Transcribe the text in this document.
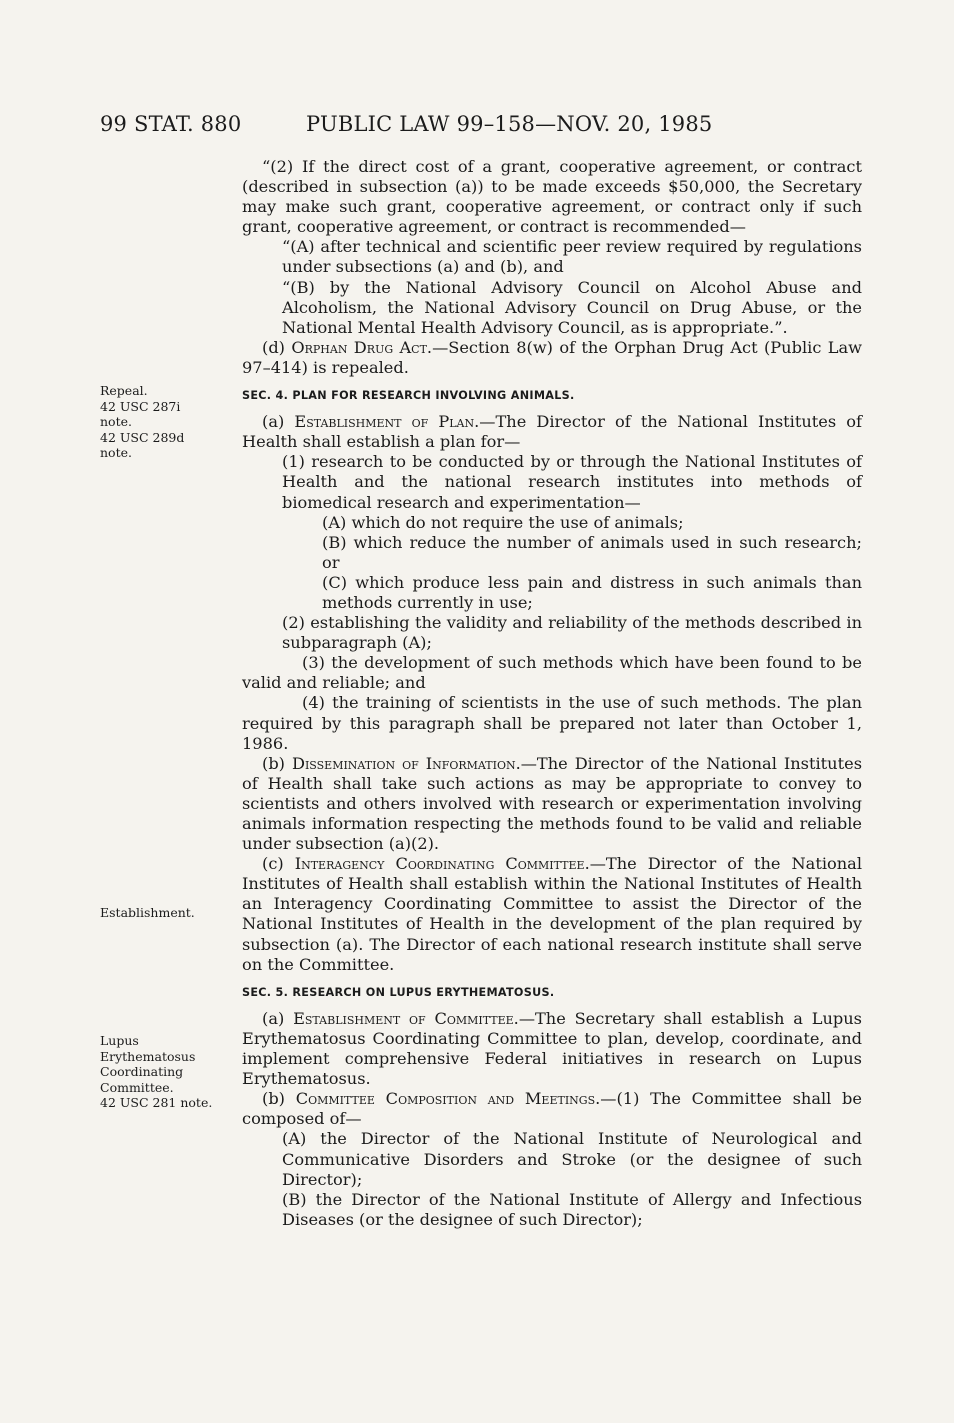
99 STAT. 880	PUBLIC LAW 99–158—NOV. 20, 1985
Repeal.
42 USC 287i
note.
42 USC 289d
note.
Establishment.
Lupus
Erythematosus
Coordinating
Committee.
42 USC 281 note.

“(2) If the direct cost of a grant, cooperative agreement, or contract (described in subsection (a)) to be made exceeds $50,000, the Secretary may make such grant, cooperative agreement, or contract only if such grant, cooperative agreement, or contract is recommended—

“(A) after technical and scientific peer review required by regulations under subsections (a) and (b), and

“(B) by the National Advisory Council on Alcohol Abuse and Alcoholism, the National Advisory Council on Drug Abuse, or the National Mental Health Advisory Council, as is appropriate.”.

(d) Orphan Drug Act.—Section 8(w) of the Orphan Drug Act (Public Law 97–414) is repealed.

SEC. 4. PLAN FOR RESEARCH INVOLVING ANIMALS.

(a) Establishment of Plan.—The Director of the National Institutes of Health shall establish a plan for—

(1) research to be conducted by or through the National Institutes of Health and the national research institutes into methods of biomedical research and experimentation—

(A) which do not require the use of animals;

(B) which reduce the number of animals used in such research; or

(C) which produce less pain and distress in such animals than methods currently in use;

(2) establishing the validity and reliability of the methods described in subparagraph (A);

(3) the development of such methods which have been found to be valid and reliable; and

(4) the training of scientists in the use of such methods. The plan required by this paragraph shall be prepared not later than October 1, 1986.

(b) Dissemination of Information.—The Director of the National Institutes of Health shall take such actions as may be appropriate to convey to scientists and others involved with research or experimentation involving animals information respecting the methods found to be valid and reliable under subsection (a)(2).

(c) Interagency Coordinating Committee.—The Director of the National Institutes of Health shall establish within the National Institutes of Health an Interagency Coordinating Committee to assist the Director of the National Institutes of Health in the development of the plan required by subsection (a). The Director of each national research institute shall serve on the Committee.

SEC. 5. RESEARCH ON LUPUS ERYTHEMATOSUS.

(a) Establishment of Committee.—The Secretary shall establish a Lupus Erythematosus Coordinating Committee to plan, develop, coordinate, and implement comprehensive Federal initiatives in research on Lupus Erythematosus.

(b) Committee Composition and Meetings.—(1) The Committee shall be composed of—

(A) the Director of the National Institute of Neurological and Communicative Disorders and Stroke (or the designee of such Director);

(B) the Director of the National Institute of Allergy and Infectious Diseases (or the designee of such Director);
